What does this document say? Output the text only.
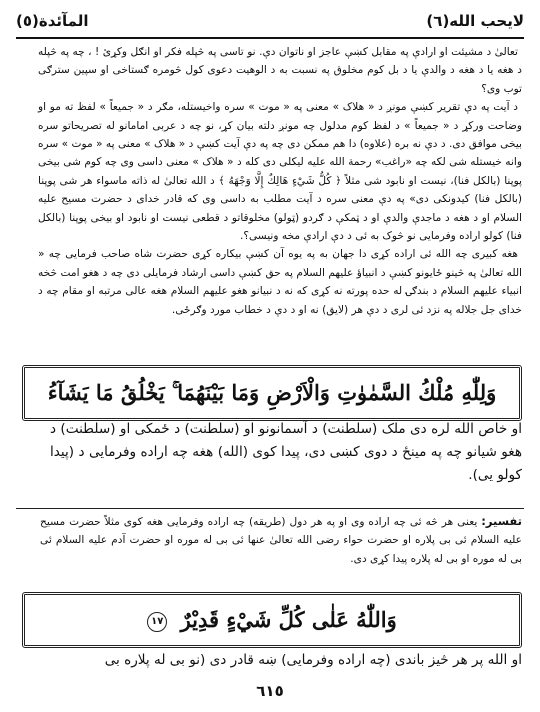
لایحب الله(٦)
المآئدة(٥)

تعالیٰ د مشیئت او ارادې په مقابل کښې عاجز او ناتوان دې. نو تاسی په څپله فکر او انګل وکړئ ! ، چه په څپله د هغه یا د هغه د والدې یا د بل کوم مخلوق په نسبت به د الوهیت دعوی کول څومره ګستاخی او سپین سترګی توب وی؟

د آیت په دې تقریر کښې مونږ د « هلاک » معنی په « موت » سره واخیستله، مګر د « جمیعاً » لفظ ته مو او وضاحت ورکړ د « جمیعاً » د لفظ کوم مدلول چه مونږ دلته بیان کړ، نو چه د عربی امامانو له تصریحاتو سره بیخی موافق دی. د دې نه بره (علاوه) دا هم ممکن دی چه په دې آیت کښې د « هلاک » معنی په « موت » سره وانه خیستله شی لکه چه «راغب» رحمة الله علیه لیکلی دی کله د « هلاک » معنی داسی وی چه کوم شی بیخی پوپنا (بالکل فنا)، نیست او نابود شی مثلاً ﴿ كُلُّ شَيْءٍ هَالِكٌ إِلَّا وَجْهَهُ ﴾ د الله تعالیٰ له ذاته ماسواء هر شی پوپنا (بالکل فنا) کیدونکی دی» په دې معنی سره د آیت مطلب به داسی وی که قادر خدای د حضرت مسیح علیه السلام او د هغه د ماجدې والدې او د ټمکې د ګردو (ټولو) مخلوقاتو د قطعی نیست او نابود او بیخی پوپنا (بالکل فنا) کولو اراده وفرمایی نو څوک به ئی د دې ارادې مخه ونیسی؟.

هغه کبیری چه الله ئی اراده کړی دا جهان به په یوه آن کښې بیکاره کړی حضرت شاه صاحب فرمایی چه « الله تعالیٰ په څینو ځایونو کښې د انبیاؤ علیهم السلام په حق کښې داسی ارشاد فرمایلی دی چه د هغو امت څخه انبیاء علیهم السلام د بندګۍ له حده پورته نه کړی که نه د نبیانو هغو علیهم السلام هغه عالی مرتبه او مقام چه د خدای جل جلاله په نزد ئی لری د دې هر (لایق) نه او د دې د خطاب مورد وګرځی.

وَلِلّٰهِ مُلْكُ السَّمٰوٰتِ وَالْاَرْضِ وَمَا بَيْنَهُمَا ۚ يَخْلُقُ مَا يَشَآءُ

او خاص الله لره دی ملک (سلطنت) د آسمانونو او (سلطنت) د ځمکی او (سلطنت) د هغو شیانو چه په مینځ د دوی کښی دی، پیدا کوی (الله) هغه چه اراده وفرمایی د (پیدا کولو یی).

تفسیر: یعنی هر څه ئی چه اراده وی او په هر دول (طریقه) چه اراده وفرمایی هغه کوی مثلاً حضرت مسیح علیه السلام ئی بی پلاره او حضرت حواء رضی الله تعالیٰ عنها ئی بی له موره او حضرت آدم علیه السلام ئی بی له موره او بی له پلاره پیدا کړی دی.

وَاللّٰهُ عَلٰى كُلِّ شَيْءٍ قَدِيْرٌ ١٧
او الله پر هر څیز باندی (چه اراده وفرمایی) ښه قادر دی (نو بی له پلاره بی
٦١٥
